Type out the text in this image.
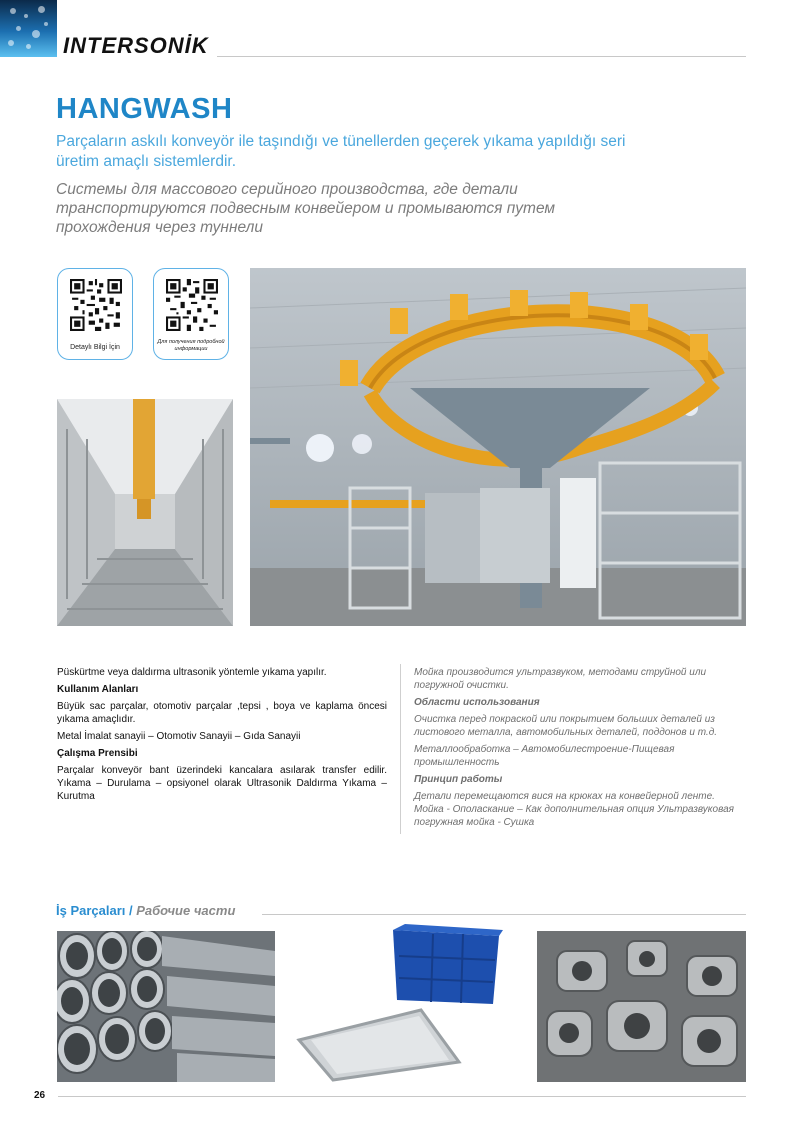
INTERSONİK
HANGWASH
Parçaların askılı konveyör ile taşındığı ve tünellerden geçerek yıkama yapıldığı seri üretim amaçlı sistemlerdir.
Системы для массового серийного производства, где детали транспортируются подвесным конвейером и промываются путем прохождения через туннели
Detaylı Bilgi İçin
Для получения подробной информации

Püskürtme veya daldırma ultrasonik yöntemle yıkama yapılır.

Kullanım Alanları

Büyük sac parçalar, otomotiv parçalar ,tepsi , boya ve kaplama öncesi yıkama amaçlıdır.

Metal İmalat sanayii – Otomotiv Sanayii – Gıda Sanayii

Çalışma Prensibi

Parçalar konveyör bant üzerindeki kancalara asılarak transfer edilir. Yıkama – Durulama – opsiyonel olarak Ultrasonik Daldırma Yıkama – Kurutma

Мойка производится ультразвуком, методами струйной или погружной очистки.

Области использования

Очистка перед покраской или покрытием больших деталей из листового металла, автомобильных деталей, поддонов и т.д.

Металлообработка – Автомобилестроение-Пищевая промышленность

Принцип работы

Детали перемещаются вися на крюках на конвейерной ленте. Мойка - Ополаскание – Как дополнительная опция Ультразвуковая погружная мойка - Сушка

İş Parçaları / Рабочие части
26
